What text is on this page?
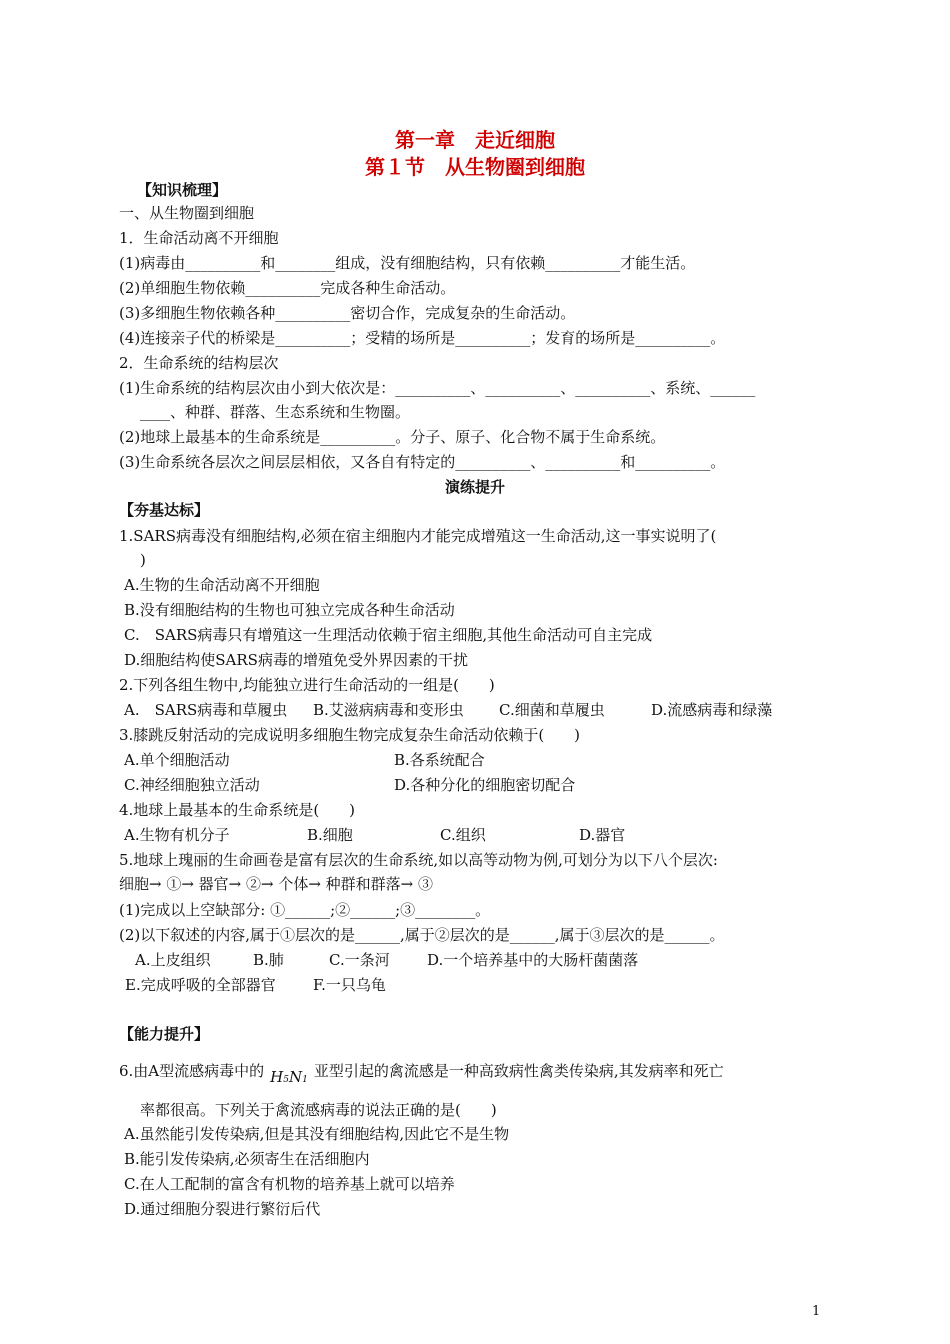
第一章　走近细胞
第１节　从生物圈到细胞
【知识梳理】
一、从生物圈到细胞
1．生命活动离不开细胞
(1)病毒由__________和________组成，没有细胞结构，只有依赖__________才能生活。
(2)单细胞生物依赖__________完成各种生命活动。
(3)多细胞生物依赖各种__________密切合作，完成复杂的生命活动。
(4)连接亲子代的桥梁是__________；受精的场所是__________；发育的场所是__________。
2．生命系统的结构层次
(1)生命系统的结构层次由小到大依次是：__________、__________、__________、系统、______
____、种群、群落、生态系统和生物圈。
(2)地球上最基本的生命系统是__________。分子、原子、化合物不属于生命系统。
(3)生命系统各层次之间层层相依，又各自有特定的__________、__________和__________。
演练提升
【夯基达标】
1.SARS病毒没有细胞结构,必须在宿主细胞内才能完成增殖这一生命活动,这一事实说明了(
)
A.生物的生命活动离不开细胞
B.没有细胞结构的生物也可独立完成各种生命活动
C.　SARS病毒只有增殖这一生理活动依赖于宿主细胞,其他生命活动可自主完成
D.细胞结构使SARS病毒的增殖免受外界因素的干扰
2.下列各组生物中,均能独立进行生命活动的一组是(　　)
A.　SARS病毒和草履虫 B.艾滋病病毒和变形虫 C.细菌和草履虫	D.流感病毒和绿藻
3.膝跳反射活动的完成说明多细胞生物完成复杂生命活动依赖于(　　)
A.单个细胞活动	B.各系统配合
C.神经细胞独立活动	D.各种分化的细胞密切配合
4.地球上最基本的生命系统是(　　)
A.生物有机分子	B.细胞	C.组织	D.器官
5.地球上瑰丽的生命画卷是富有层次的生命系统,如以高等动物为例,可划分为以下八个层次:
细胞→ ①→ 器官→ ②→ 个体→ 种群和群落→ ③
(1)完成以上空缺部分: ①______;②______;③________。
(2)以下叙述的内容,属于①层次的是______,属于②层次的是______,属于③层次的是______。
A.上皮组织	B.肺	C.一条河 D.一个培养基中的大肠杆菌菌落
E.完成呼吸的全部器官 F.一只乌龟
【能力提升】
6.由A型流感病毒中的 H5N1 亚型引起的禽流感是一种高致病性禽类传染病,其发病率和死亡
率都很高。下列关于禽流感病毒的说法正确的是(　　)
A.虽然能引发传染病,但是其没有细胞结构,因此它不是生物
B.能引发传染病,必须寄生在活细胞内
C.在人工配制的富含有机物的培养基上就可以培养
D.通过细胞分裂进行繁衍后代
1
